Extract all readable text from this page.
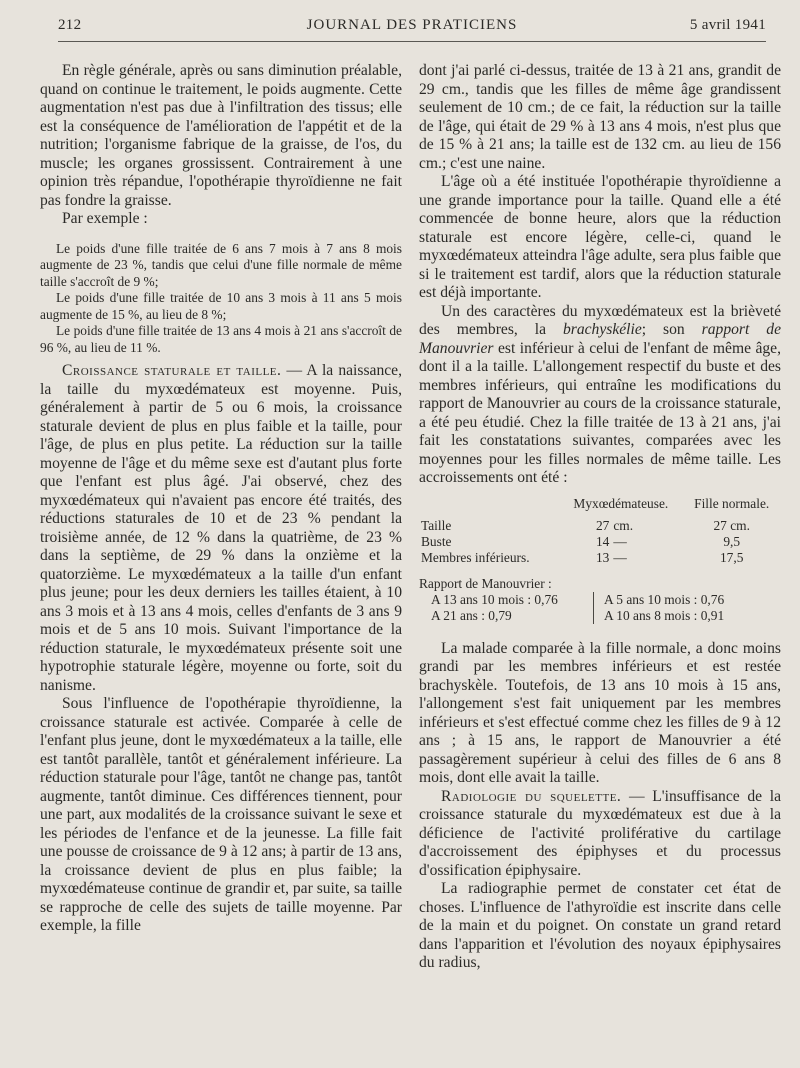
212	JOURNAL DES PRATICIENS	5 avril 1941

En règle générale, après ou sans diminution préalable, quand on continue le traitement, le poids augmente. Cette augmentation n'est pas due à l'infiltration des tissus; elle est la conséquence de l'amélioration de l'appétit et de la nutrition; l'organisme fabrique de la graisse, de l'os, du muscle; les organes grossissent. Contrairement à une opinion très répandue, l'opothérapie thyroïdienne ne fait pas fondre la graisse.

Par exemple :

Le poids d'une fille traitée de 6 ans 7 mois à 7 ans 8 mois augmente de 23 %, tandis que celui d'une fille normale de même taille s'accroît de 9 %;

Le poids d'une fille traitée de 10 ans 3 mois à 11 ans 5 mois augmente de 15 %, au lieu de 8 %;

Le poids d'une fille traitée de 13 ans 4 mois à 21 ans s'accroît de 96 %, au lieu de 11 %.

Croissance staturale et taille. — A la naissance, la taille du myxœdémateux est moyenne. Puis, généralement à partir de 5 ou 6 mois, la croissance staturale devient de plus en plus faible et la taille, pour l'âge, de plus en plus petite. La réduction sur la taille moyenne de l'âge et du même sexe est d'autant plus forte que l'enfant est plus âgé. J'ai observé, chez des myxœdémateux qui n'avaient pas encore été traités, des réductions staturales de 10 et de 23 % pendant la troisième année, de 12 % dans la quatrième, de 23 % dans la septième, de 29 % dans la onzième et la quatorzième. Le myxœdémateux a la taille d'un enfant plus jeune; pour les deux derniers les tailles étaient, à 10 ans 3 mois et à 13 ans 4 mois, celles d'enfants de 3 ans 9 mois et de 5 ans 10 mois. Suivant l'importance de la réduction staturale, le myxœdémateux présente soit une hypotrophie staturale légère, moyenne ou forte, soit du nanisme.

Sous l'influence de l'opothérapie thyroïdienne, la croissance staturale est activée. Comparée à celle de l'enfant plus jeune, dont le myxœdémateux a la taille, elle est tantôt parallèle, tantôt et généralement inférieure. La réduction staturale pour l'âge, tantôt ne change pas, tantôt augmente, tantôt diminue. Ces différences tiennent, pour une part, aux modalités de la croissance suivant le sexe et les périodes de l'enfance et de la jeunesse. La fille fait une pousse de croissance de 9 à 12 ans; à partir de 13 ans, la croissance devient de plus en plus faible; la myxœdémateuse continue de grandir et, par suite, sa taille se rapproche de celle des sujets de taille moyenne. Par exemple, la fille

dont j'ai parlé ci-dessus, traitée de 13 à 21 ans, grandit de 29 cm., tandis que les filles de même âge grandissent seulement de 10 cm.; de ce fait, la réduction sur la taille de l'âge, qui était de 29 % à 13 ans 4 mois, n'est plus que de 15 % à 21 ans; la taille est de 132 cm. au lieu de 156 cm.; c'est une naine.

L'âge où a été instituée l'opothérapie thyroïdienne a une grande importance pour la taille. Quand elle a été commencée de bonne heure, alors que la réduction staturale est encore légère, celle-ci, quand le myxœdémateux atteindra l'âge adulte, sera plus faible que si le traitement est tardif, alors que la réduction staturale est déjà importante.

Un des caractères du myxœdémateux est la brièveté des membres, la brachyskélie; son rapport de Manouvrier est inférieur à celui de l'enfant de même âge, dont il a la taille. L'allongement respectif du buste et des membres inférieurs, qui entraîne les modifications du rapport de Manouvrier au cours de la croissance staturale, a été peu étudié. Chez la fille traitée de 13 à 21 ans, j'ai fait les constatations suivantes, comparées avec les moyennes pour les filles normales de même taille. Les accroissements ont été :

	Myxœdémateuse.		Fille normale.
Taille	27	cm.	27 cm.
Buste	14	—	9,5
Membres inférieurs.	13	—	17,5
Rapport de Manouvrier :
A 13 ans 10 mois : 0,76	A 5 ans 10 mois : 0,76
A 21 ans : 0,79	A 10 ans 8 mois : 0,91

La malade comparée à la fille normale, a donc moins grandi par les membres inférieurs et est restée brachyskèle. Toutefois, de 13 ans 10 mois à 15 ans, l'allongement s'est fait uniquement par les membres inférieurs et s'est effectué comme chez les filles de 9 à 12 ans ; à 15 ans, le rapport de Manouvrier a été passagèrement supérieur à celui des filles de 6 ans 8 mois, dont elle avait la taille.

Radiologie du squelette. — L'insuffisance de la croissance staturale du myxœdémateux est due à la déficience de l'activité proliférative du cartilage d'accroissement des épiphyses et du processus d'ossification épiphysaire.

La radiographie permet de constater cet état de choses. L'influence de l'athyroïdie est inscrite dans celle de la main et du poignet. On constate un grand retard dans l'apparition et l'évolution des noyaux épiphysaires du radius,
